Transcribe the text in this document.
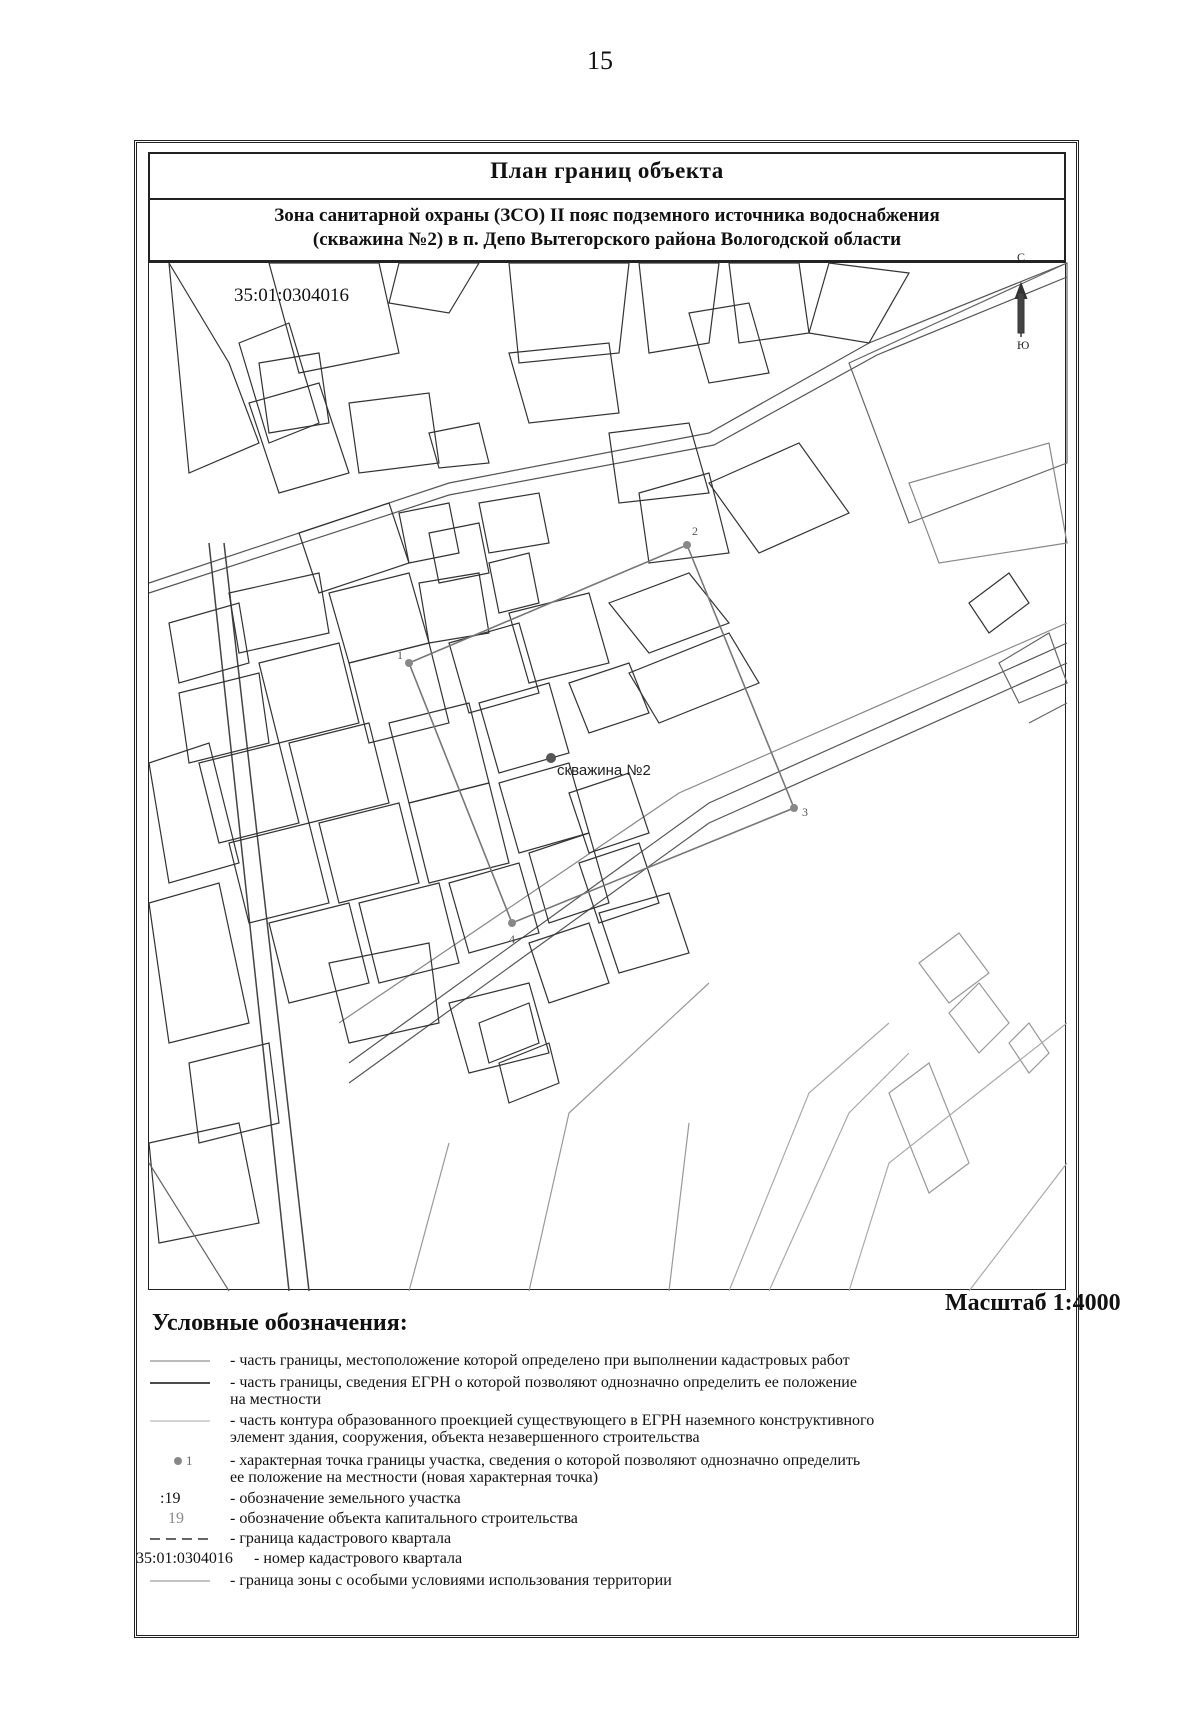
15
План границ объекта
Зона санитарной охраны (ЗСО) II пояс подземного источника водоснабжения
(скважина №2) в п. Депо Вытегорского района Вологодской области
35:01:0304016
скважина №2
С
Ю
1
2
3
4
Масштаб 1:4000
Условные обозначения:
- часть границы, местоположение которой определено при выполнении кадастровых работ
- часть границы, сведения ЕГРН о которой позволяют однозначно определить ее положение
на местности
- часть контура образованного проекцией существующего в ЕГРН наземного конструктивного
элемент здания, сооружения, объекта незавершенного строительства
1 - характерная точка границы участка, сведения о которой позволяют однозначно определить
ее положение на местности (новая характерная точка)
:19	- обозначение земельного участка
19	- обозначение объекта капитального строительства
- граница кадастрового квартала
35:01:0304016 - номер кадастрового квартала
- граница зоны с особыми условиями использования территории
